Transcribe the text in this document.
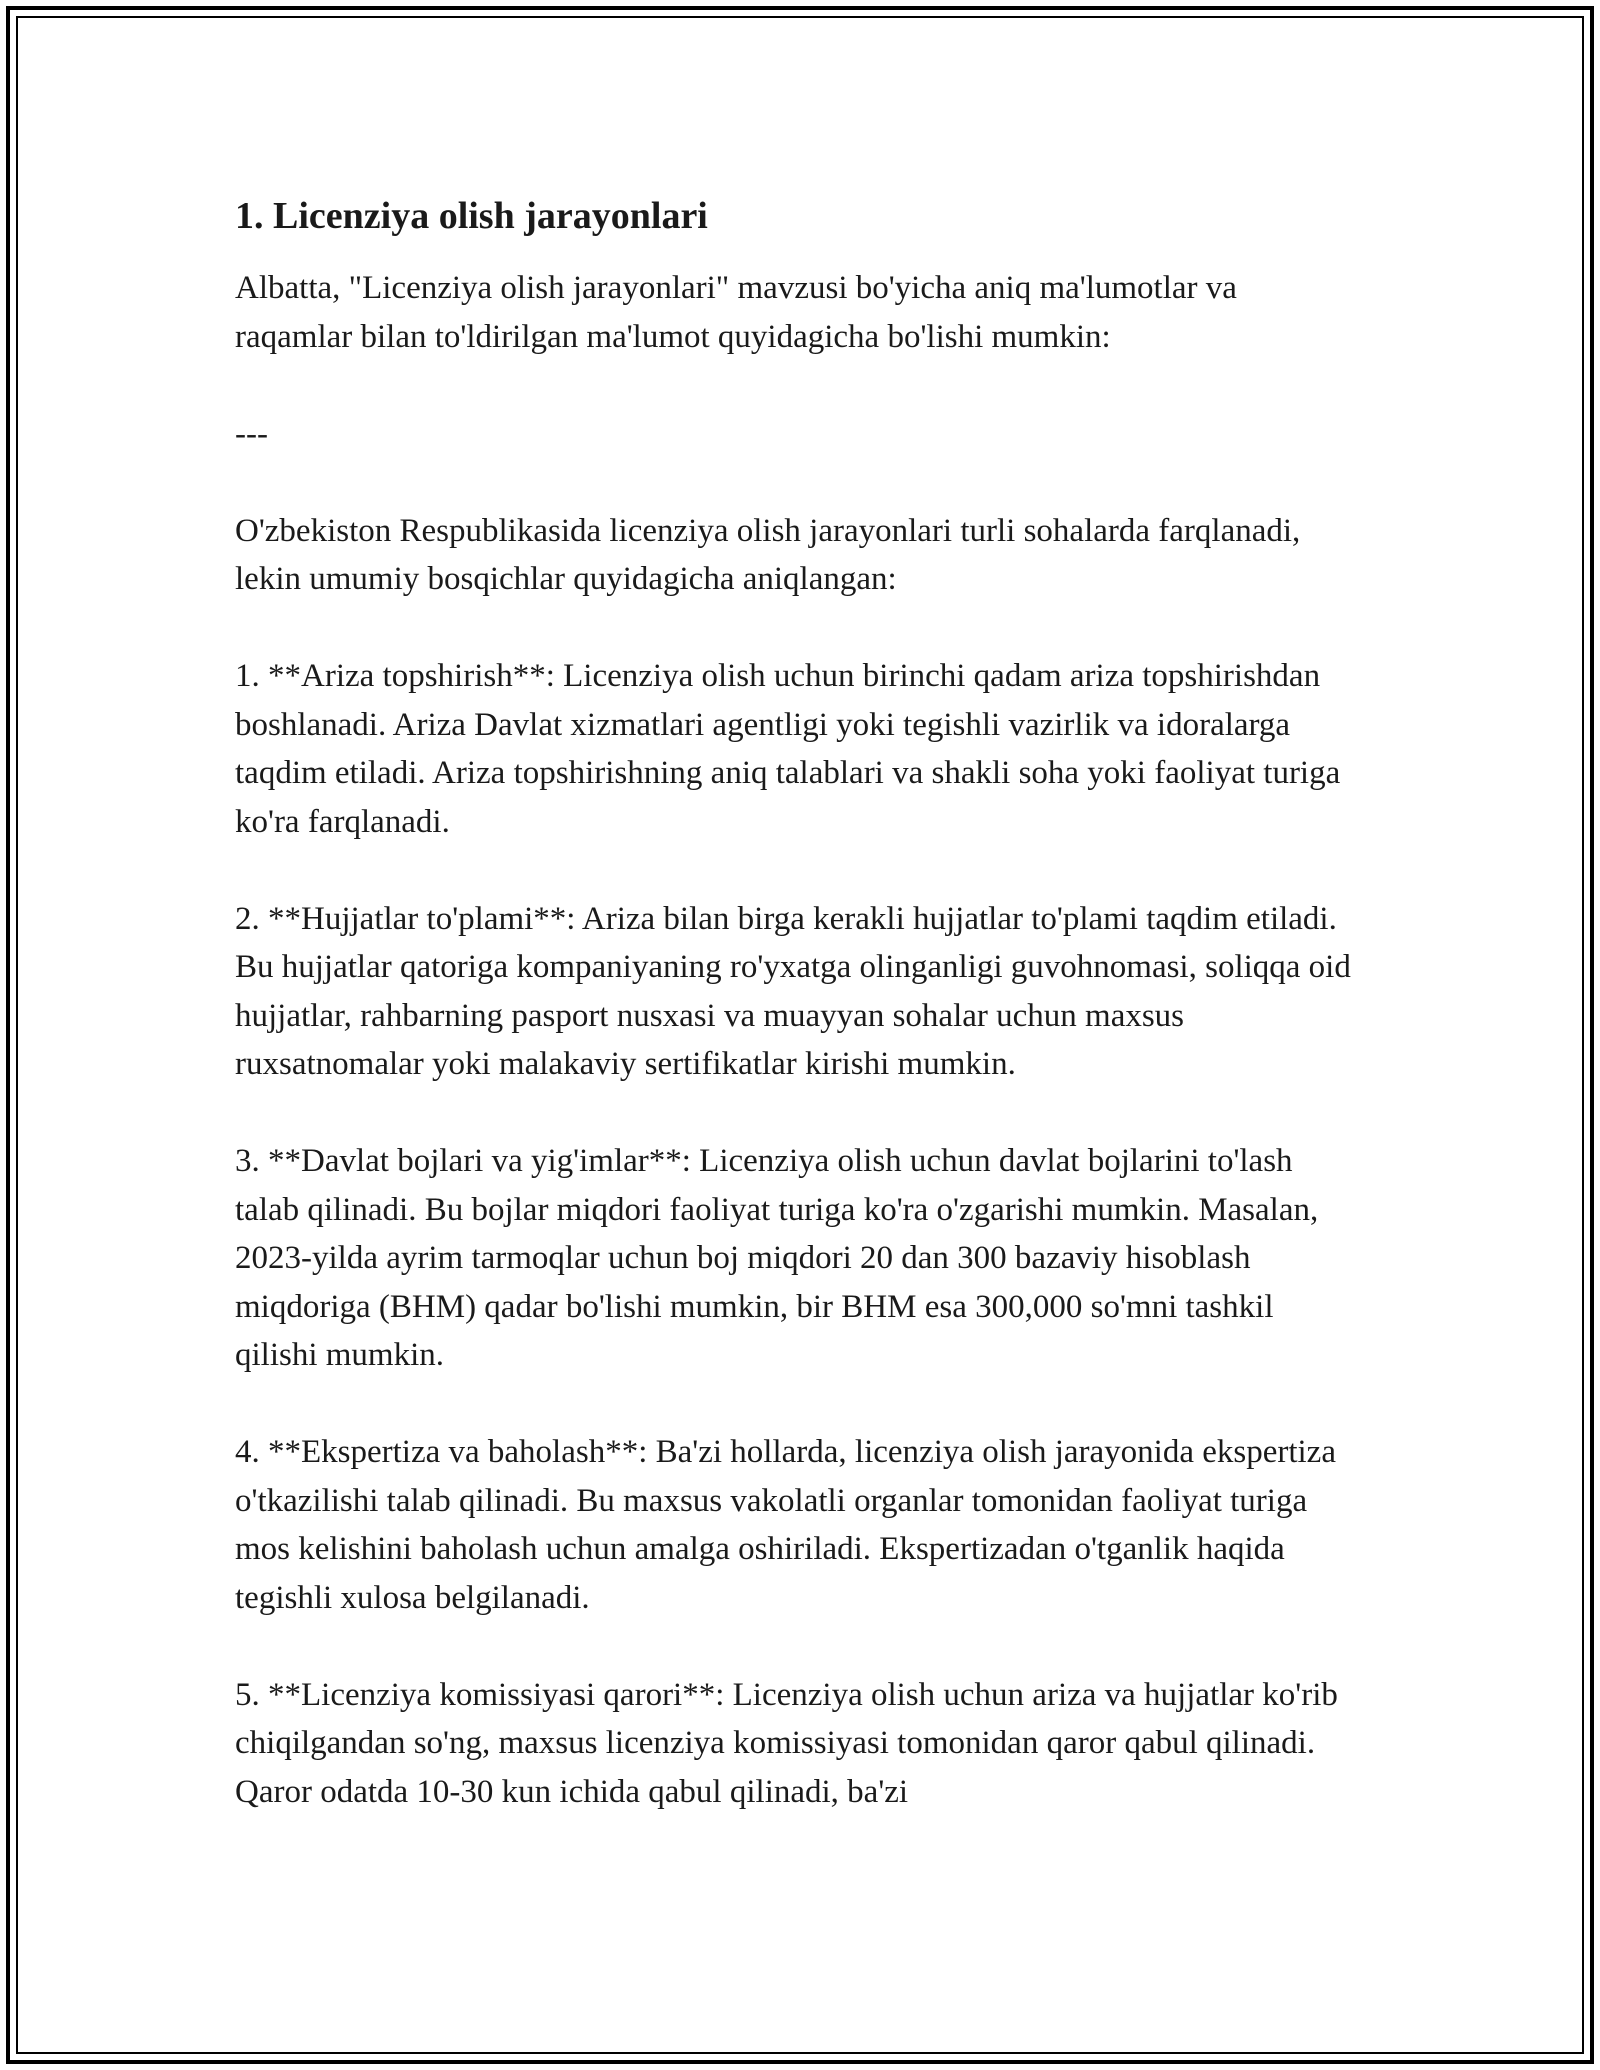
1. Licenziya olish jarayonlari

Albatta, "Licenziya olish jarayonlari" mavzusi bo'yicha aniq ma'lumotlar va raqamlar bilan to'ldirilgan ma'lumot quyidagicha bo'lishi mumkin:

---

O'zbekiston Respublikasida licenziya olish jarayonlari turli sohalarda farqlanadi, lekin umumiy bosqichlar quyidagicha aniqlangan:

1. **Ariza topshirish**: Licenziya olish uchun birinchi qadam ariza topshirishdan boshlanadi. Ariza Davlat xizmatlari agentligi yoki tegishli vazirlik va idoralarga taqdim etiladi. Ariza topshirishning aniq talablari va shakli soha yoki faoliyat turiga ko'ra farqlanadi.

2. **Hujjatlar to'plami**: Ariza bilan birga kerakli hujjatlar to'plami taqdim etiladi. Bu hujjatlar qatoriga kompaniyaning ro'yxatga olinganligi guvohnomasi, soliqqa oid hujjatlar, rahbarning pasport nusxasi va muayyan sohalar uchun maxsus ruxsatnomalar yoki malakaviy sertifikatlar kirishi mumkin.

3. **Davlat bojlari va yig'imlar**: Licenziya olish uchun davlat bojlarini to'lash talab qilinadi. Bu bojlar miqdori faoliyat turiga ko'ra o'zgarishi mumkin. Masalan, 2023-yilda ayrim tarmoqlar uchun boj miqdori 20 dan 300 bazaviy hisoblash miqdoriga (BHM) qadar bo'lishi mumkin, bir BHM esa 300,000 so'mni tashkil qilishi mumkin.

4. **Ekspertiza va baholash**: Ba'zi hollarda, licenziya olish jarayonida ekspertiza o'tkazilishi talab qilinadi. Bu maxsus vakolatli organlar tomonidan faoliyat turiga mos kelishini baholash uchun amalga oshiriladi. Ekspertizadan o'tganlik haqida tegishli xulosa belgilanadi.

5. **Licenziya komissiyasi qarori**: Licenziya olish uchun ariza va hujjatlar ko'rib chiqilgandan so'ng, maxsus licenziya komissiyasi tomonidan qaror qabul qilinadi. Qaror odatda 10-30 kun ichida qabul qilinadi, ba'zi
